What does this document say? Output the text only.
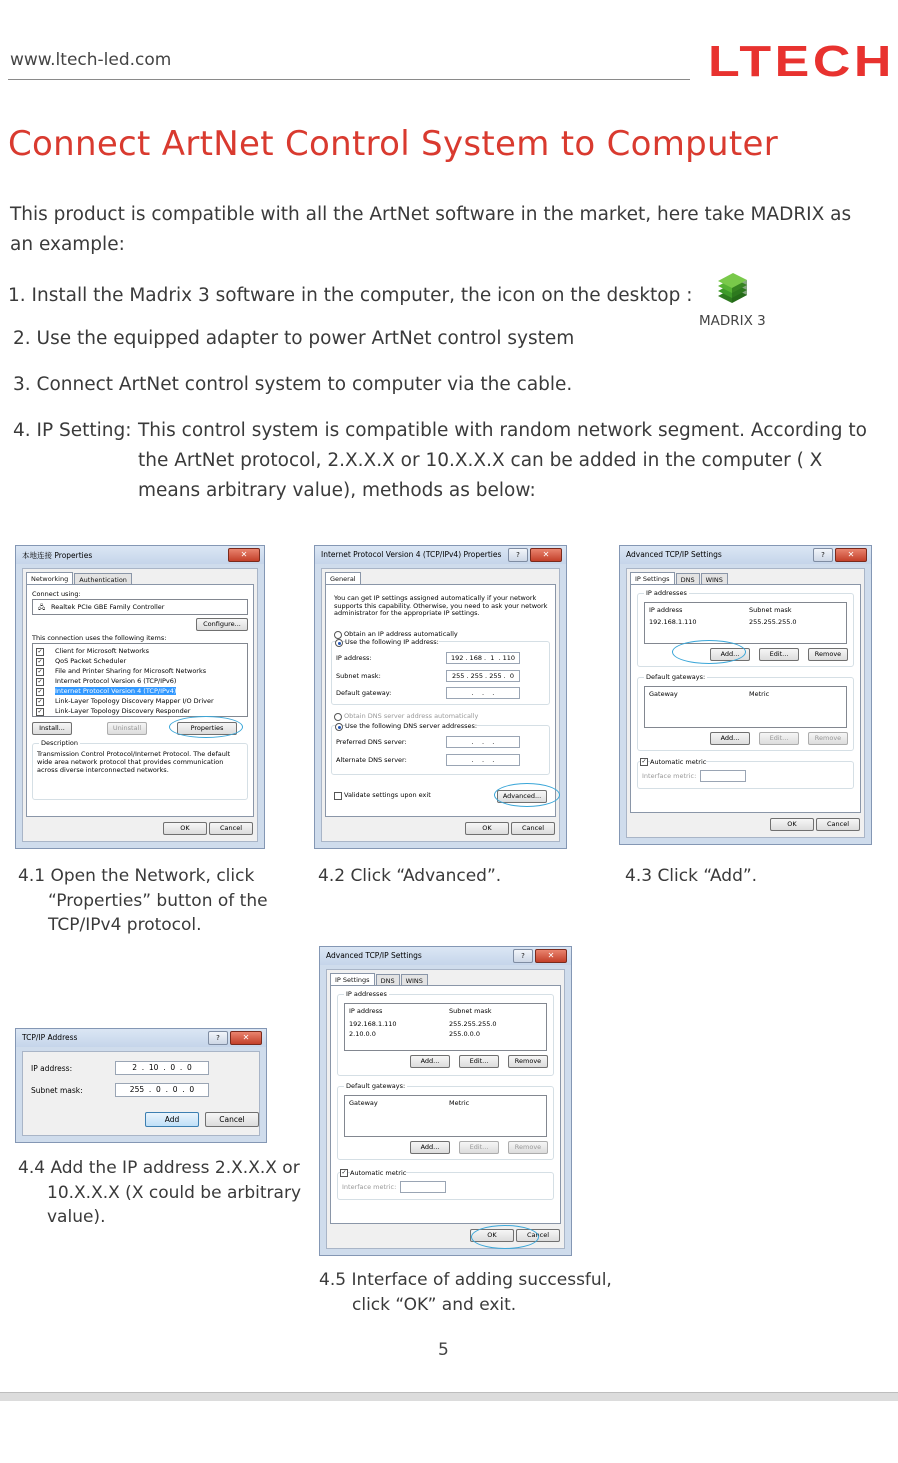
www.ltech-led.com	LTECH
Connect ArtNet Control System to Computer
This product is compatible with all the ArtNet software in the market, here take MADRIX as an example:
1. Install the Madrix 3 software in the computer, the icon on the desktop :
MADRIX 3
2. Use the equipped adapter to power ArtNet control system
3. Connect ArtNet control system to computer via the cable.
4. IP Setting: This control system is compatible with random network segment. According to the ArtNet protocol, 2.X.X.X or 10.X.X.X can be added in the computer ( X means arbitrary value), methods as below:
本地连接 Properties	✕
Networking Authentication
Connect using:
🖧 Realtek PCIe GBE Family Controller
Configure...
This connection uses the following items:
✓ Client for Microsoft Networks
✓ QoS Packet Scheduler
✓ File and Printer Sharing for Microsoft Networks
✓ Internet Protocol Version 6 (TCP/IPv6)
✓ Internet Protocol Version 4 (TCP/IPv4)
✓ Link-Layer Topology Discovery Mapper I/O Driver
✓ Link-Layer Topology Discovery Responder
Install...	Uninstall	Properties
Description
Transmission Control Protocol/Internet Protocol. The default wide area network protocol that provides communication across diverse interconnected networks.
OK	Cancel
Internet Protocol Version 4 (TCP/IPv4) Properties	?	✕
General
You can get IP settings assigned automatically if your network supports this capability. Otherwise, you need to ask your network administrator for the appropriate IP settings.
Obtain an IP address automatically
Use the following IP address:
IP address:	192 . 168 .  1  . 110
Subnet mask:	255 . 255 . 255 .  0
Default gateway:	.    .    .
Obtain DNS server address automatically
Use the following DNS server addresses:
Preferred DNS server:	.    .    .
Alternate DNS server:	.    .    .
Validate settings upon exit	Advanced...
OK	Cancel
Advanced TCP/IP Settings	?	✕
IP Settings DNS WINS
IP addresses
IP address	Subnet mask
192.168.1.110	255.255.255.0
Add...	Edit...	Remove
Default gateways:
Gateway	Metric
Add...	Edit...	Remove
✓ Automatic metric
Interface metric:
OK	Cancel
4.1 Open the Network, click “Properties” button of the TCP/IPv4 protocol.
4.2 Click “Advanced”.	4.3 Click “Add”.
TCP/IP Address	?	✕
IP address:	2  .  10  .  0  .  0
Subnet mask:	255  .  0  .  0  .  0
Add	Cancel
4.4 Add the IP address 2.X.X.X or 10.X.X.X (X could be arbitrary value).
Advanced TCP/IP Settings	?	✕
IP Settings DNS WINS
IP addresses
IP address	Subnet mask
192.168.1.110	255.255.255.0
2.10.0.0	255.0.0.0
Add...	Edit...	Remove
Default gateways:
Gateway	Metric
Add...	Edit...	Remove
✓ Automatic metric
Interface metric:
OK	Cancel
4.5 Interface of adding successful, click “OK” and exit.
5
